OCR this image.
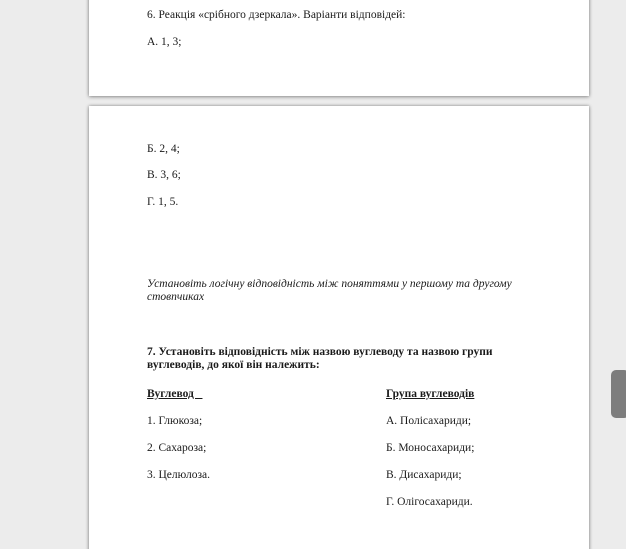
6. Реакція «срібного дзеркала». Варіанти відповідей:
А. 1, 3;
Б. 2, 4;
В. 3, 6;
Г. 1, 5.
Установіть логічну відповідність між поняттями у першому та другому стовпчиках
7. Установіть відповідність між назвою вуглеводу та назвою групи вуглеводів, до якої він належить:
Вуглевод	Група вуглеводів
1. Глюкоза;
2. Сахароза;
3. Целюлоза.
А. Полісахариди;
Б. Моносахариди;
В. Дисахариди;
Г. Олігосахариди.
